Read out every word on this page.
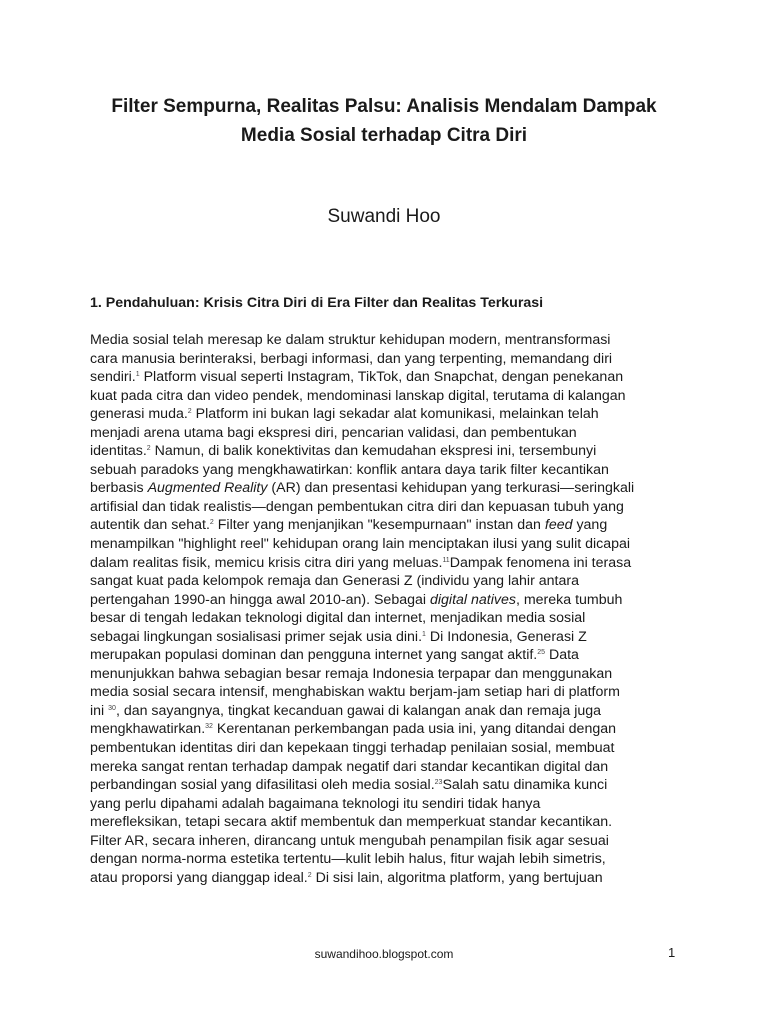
Filter Sempurna, Realitas Palsu: Analisis Mendalam Dampak
Media Sosial terhadap Citra Diri
Suwandi Hoo
1. Pendahuluan: Krisis Citra Diri di Era Filter dan Realitas Terkurasi
Media sosial telah meresap ke dalam struktur kehidupan modern, mentransformasi
cara manusia berinteraksi, berbagi informasi, dan yang terpenting, memandang diri
sendiri.$^1$ Platform visual seperti Instagram, TikTok, dan Snapchat, dengan penekanan
kuat pada citra dan video pendek, mendominasi lanskap digital, terutama di kalangan
generasi muda.$^2$ Platform ini bukan lagi sekadar alat komunikasi, melainkan telah
menjadi arena utama bagi ekspresi diri, pencarian validasi, dan pembentukan
identitas.$^2$ Namun, di balik konektivitas dan kemudahan ekspresi ini, tersembunyi
sebuah paradoks yang mengkhawatirkan: konflik antara daya tarik filter kecantikan
berbasis Augmented Reality (AR) dan presentasi kehidupan yang terkurasi—seringkali
artifisial dan tidak realistis—dengan pembentukan citra diri dan kepuasan tubuh yang
autentik dan sehat.$^2$ Filter yang menjanjikan "kesempurnaan" instan dan feed yang
menampilkan "highlight reel" kehidupan orang lain menciptakan ilusi yang sulit dicapai
dalam realitas fisik, memicu krisis citra diri yang meluas.$^{11}$Dampak fenomena ini terasa
sangat kuat pada kelompok remaja dan Generasi Z (individu yang lahir antara
pertengahan 1990-an hingga awal 2010-an). Sebagai digital natives, mereka tumbuh
besar di tengah ledakan teknologi digital dan internet, menjadikan media sosial
sebagai lingkungan sosialisasi primer sejak usia dini.$^1$ Di Indonesia, Generasi Z
merupakan populasi dominan dan pengguna internet yang sangat aktif.$^{25}$ Data
menunjukkan bahwa sebagian besar remaja Indonesia terpapar dan menggunakan
media sosial secara intensif, menghabiskan waktu berjam-jam setiap hari di platform
ini $^{30}$, dan sayangnya, tingkat kecanduan gawai di kalangan anak dan remaja juga
mengkhawatirkan.$^{32}$ Kerentanan perkembangan pada usia ini, yang ditandai dengan
pembentukan identitas diri dan kepekaan tinggi terhadap penilaian sosial, membuat
mereka sangat rentan terhadap dampak negatif dari standar kecantikan digital dan
perbandingan sosial yang difasilitasi oleh media sosial.$^{23}$Salah satu dinamika kunci
yang perlu dipahami adalah bagaimana teknologi itu sendiri tidak hanya
merefleksikan, tetapi secara aktif membentuk dan memperkuat standar kecantikan.
Filter AR, secara inheren, dirancang untuk mengubah penampilan fisik agar sesuai
dengan norma-norma estetika tertentu—kulit lebih halus, fitur wajah lebih simetris,
atau proporsi yang dianggap ideal.$^2$ Di sisi lain, algoritma platform, yang bertujuan
suwandihoo.blogspot.com	1
